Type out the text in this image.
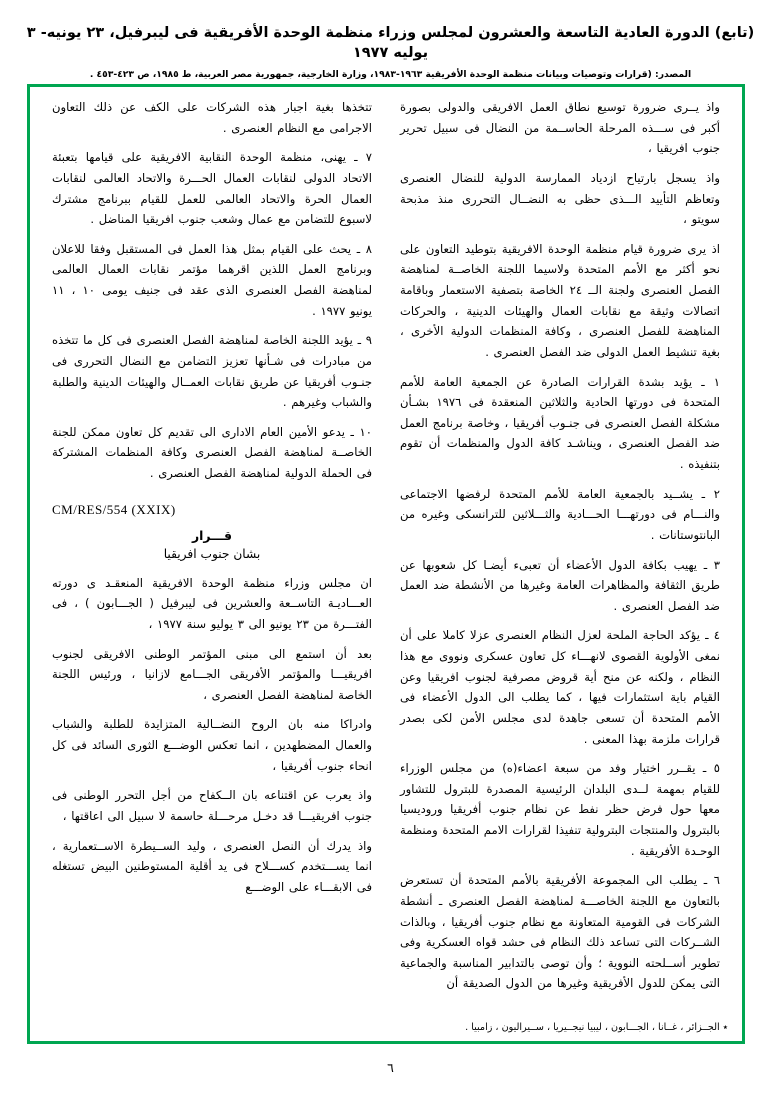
(تابع) الدورة العادية التاسعة والعشرون لمجلس وزراء منظمة الوحدة الأفريقية فى ليبرفيل، ٢٣ يونيه- ٣ يوليه ١٩٧٧
المصدر: (قرارات وتوصيات وبيانات منظمة الوحدة الأفريقية ١٩٦٣-١٩٨٣، وزارة الخارجية، جمهورية مصر العربية، ط ١٩٨٥، ص ٤٢٣-٤٥٣ .

واذ يــرى ضرورة توسيع نطاق العمل الافريقى والدولى بصورة أكبر فى ســـذه المرحلة الحاســمة من النضال فى سبيل تحرير جنوب افريقيا ،

واذ يسجل بارتياح ازدياد الممارسة الدولية للنضال العنصرى وتعاظم التأييد الـــذى حظى به النضــال التحررى منذ مذبحة سويتو ،

اذ يرى ضرورة قيام منظمة الوحدة الافريقية بتوطيد التعاون على نحو أكثر مع الأمم المتحدة ولاسيما اللجنة الخاصــة لمناهضة الفصل العنصرى ولجنة الــ ٢٤ الخاصة بتصفية الاستعمار وباقامة اتصالات وثيقة مع نقابات العمال والهيئات الدينية ، والحركات المناهضة للفصل العنصرى ، وكافة المنظمات الدولية الأخرى ، بغية تنشيط العمل الدولى ضد الفصل العنصرى .

١ ـ يؤيد بشدة القرارات الصادرة عن الجمعية العامة للأمم المتحدة فى دورتها الحادية والثلاثين المنعقدة فى ١٩٧٦ بشـأن مشكلة الفصل العنصرى فى جنـوب أفريقيا ، وخاصة برنامج العمل ضد الفصل العنصرى ، ويناشـد كافة الدول والمنظمات أن تقوم بتنفيذه .

٢ ـ يشــيد بالجمعية العامة للأمم المتحدة لرفضها الاجتماعى والنـــام فى دورتهـــا الحـــادية والثـــلاثين للترانسكى وغيره من البانتوستانات .

٣ ـ يهيب بكافة الدول الأعضاء أن تعبىء أيضـا كل شعوبها عن طريق الثقافة والمظاهرات العامة وغيرها من الأنشطة ضد العمل ضد الفصل العنصرى .

٤ ـ يؤكد الحاجة الملحة لعزل النظام العنصرى عزلا كاملا على أن نمغى الأولوية القصوى لانهـــاء كل تعاون عسكرى ونووى مع هذا النظام ، ولكنه عن منح أية قروض مصرفية لجنوب افريقيا وعن القيام باية استثمارات فيها ، كما يطلب الى الدول الأعضاء فى الأمم المتحدة أن تسعى جاهدة لدى مجلس الأمن لكى بصدر قرارات ملزمة بهذا المعنى .

٥ ـ يقــرر اختيار وفد من سبعة اعضاء(ه) من مجلس الوزراء للقيام بمهمة لــدى البلدان الرئيسية المصدرة للبترول للتشاور معها حول فرض حظر نفط عن نظام جنوب أفريقيا وروديسيا بالبترول والمنتجات البترولية تنفيذا لقرارات الامم المتحدة ومنظمة الوحـدة الأفريقية .

٦ ـ يطلب الى المجموعة الأفريقية بالأمم المتحدة أن تستعرض بالتعاون مع اللجنة الخاصـــة لمناهضة الفصل العنصرى ـ أنشطة الشركات فى القومية المتعاونة مع نظام جنوب أفريقيا ، وبالذات الشــركات التى تساعد ذلك النظام فى حشد قواه العسكرية وفى تطوير أســلحته النووية ؛ وأن توصى بالتدابير المناسبة والجماعية التى يمكن للدول الأفريقية وغيرها من الدول الصديقة أن

تتخذها بغية اجبار هذه الشركات على الكف عن ذلك التعاون الاجرامى مع النظام العنصرى .

٧ ـ يهنى، منظمة الوحدة النقابية الافريقية على قيامها بتعبئة الاتحاد الدولى لنقابات العمال الحـــرة والاتحاد العالمى لنقابات العمال الحرة والاتحاد العالمى للعمل للقيام ببرنامج مشترك لاسبوع للتضامن مع عمال وشعب جنوب افريقيا المناضل .

٨ ـ يحث على القيام بمثل هذا العمل فى المستقبل وفقا للاعلان وبرنامج العمل اللذين اقرهما مؤتمر نقابات العمال العالمى لمناهضة الفصل العنصرى الذى عقد فى جنيف يومى ١٠ ، ١١ يونيو ١٩٧٧ .

٩ ـ يؤيد اللجنة الخاصة لمناهضة الفصل العنصرى فى كل ما تتخذه من مبادرات فى شـأنها تعزيز التضامن مع النضال التحررى فى جنـوب أفريقيا عن طريق نقابات العمــال والهيئات الدينية والطلبة والشباب وغيرهم .

١٠ ـ يدعو الأمين العام الادارى الى تقديم كل تعاون ممكن للجنة الخاصــة لمناهضة الفصل العنصرى وكافة المنظمات المشتركة فى الحملة الدولية لمناهضة الفصل العنصرى .

CM/RES/554 (XXIX)
قـــرار
بشان جنوب افريقيا

ان مجلس وزراء منظمة الوحدة الافريقية المنعقـد ى دورته العـــاديـة التاســعة والعشرين فى ليبرفيل ( الجـــابون ) ، فى الفتـــرة من ٢٣ يونيو الى ٣ يوليو سنة ١٩٧٧ ،

بعد أن استمع الى مبنى المؤتمر الوطنى الافريقى لجنوب افريقيـــا والمؤتمر الأفريقى الجـــامع لازانيا ، ورئيس اللجنة الخاصة لمناهضة الفصل العنصرى ،

وادراكا منه بان الروح النضــالية المتزايدة للطلبة والشباب والعمال المضطهدين ، انما تعكس الوضـــع الثورى السائد فى كل انحاء جنوب أفريقيا ،

واذ يعرب عن اقتناعه بان الــكفاح من أجل التحرر الوطنى فى جنوب افريقيـــا قد دخـل مرحـــلة حاسمة لا سبيل الى اعاقتها ،

واذ يدرك أن النصل العنصرى ، وليد الســيطرة الاســتعمارية ، انما يســـتخدم كســـلاح فى يد أقلية المستوطنين البيض تستغله فى الابقـــاء على الوضـــع

٭ الجــزائر ، غــانا ، الجـــابون ، ليبيا نيجــيريا ، ســيراليون ، زامبيا .
٦
